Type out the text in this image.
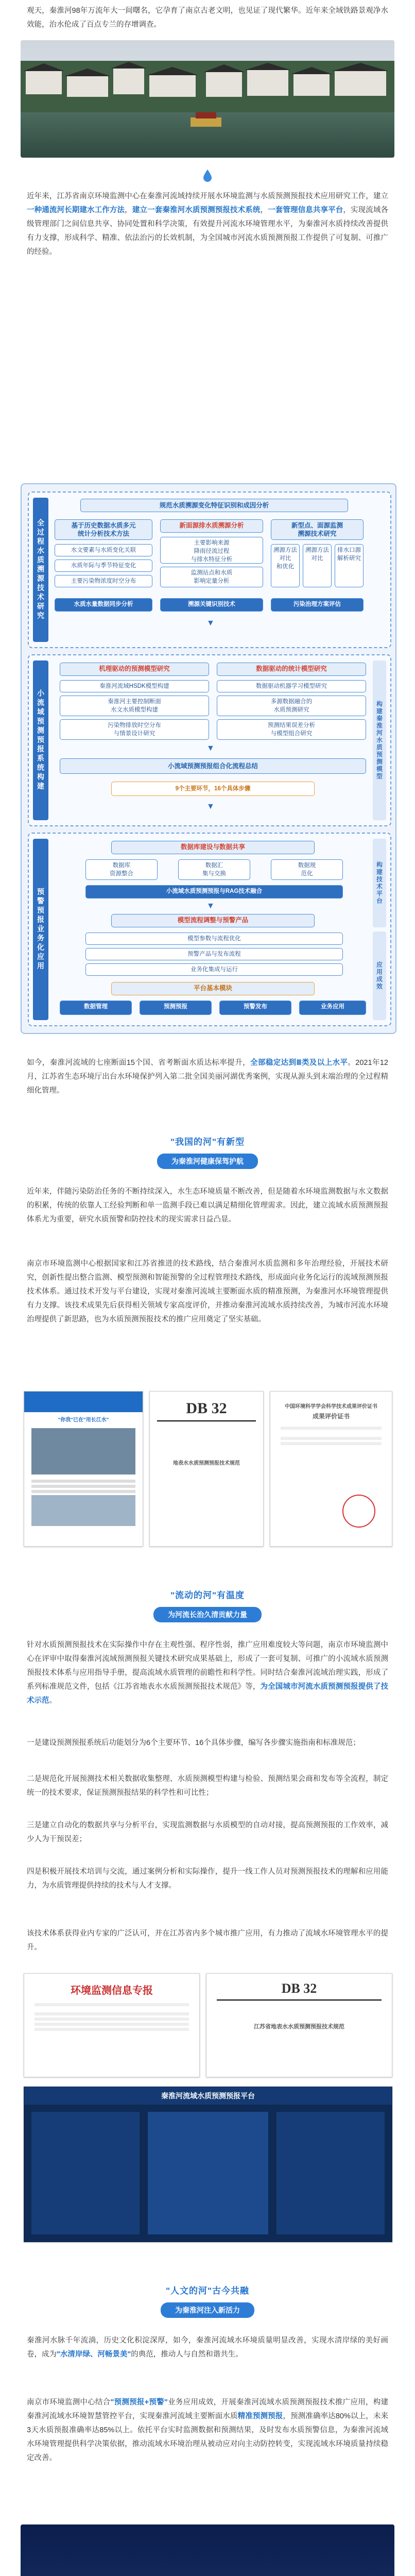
观天，秦淮河98年万流年大一间曙名，它孕育了南京古老文明，也见证了现代繁华。近年来全域铁路景观净水效能，治水伦成了百点专兰的存增调查。

近年来，江苏省南京环境监测中心在秦淮河流域持续开展水环境监测与水质预测预报技术应用研究工作，建立一种通流河长期建水工作方法，建立一套秦淮河水质预测预报技术系统，一套管理信息共享平台，实现流域各级管理部门之间信息共享、协同处置和科学决策，有效提升河流水环境管理水平，为秦淮河水质持续改善提供有力支撑，形成科学、精准、依法治污的长效机制，为全国城市河流水质预测预报工作提供了可复制、可推广的经验。

全过程水质溯源技术研究
规范水质溯源变化特征识别和成因分析
基于历史数据水质多元
统计分析技术方法
水文要素与水质变化关联
水质年际与季节特征变化
主要污染物浓度时空分布
新面源排水质溯源分析
主要影响来源
降雨径流过程
与排水特征分析
监测站点和水质
影响定量分析
新型点、面源监测
溯源技术研究
溯源方法对比
和优化
溯源方法
对比
排水口源
解析研究
水质水量数据同步分析	溯源关键识别技术	污染治理方案评估
▼
小流域预测预报系统构建	构建秦淮河水质预测模型
机理驱动的预测模型研究
秦淮河流域HSDK模型构建
秦淮河主要控制断面
水文水质模型构建
污染物排放时空分布
与情景设计研究
数据驱动的统计模型研究
数据驱动机器学习模型研究
多源数据融合的
水质预测研究
预测结果误差分析
与模型组合研究
▼
小流域预测预报组合化流程总结
9个主要环节，16个具体步骤
▼
预警预报业务化应用
构建技术平台
应用成效
数据库建设与数据共享
数据库
资源整合
数据汇
集与交换
数据规
范化
小流域水质预测预报与RAG技术融合
▼
模型流程调整与预警产品
模型参数与流程优化
预警产品与发布流程
业务化集成与运行
平台基本模块
数据管理	预测预报	预警发布	业务应用

如今，秦淮河流域的七座断面15个国、省考断面水质达标率提升，全部稳定达到Ⅲ类及以上水平。2021年12月，江苏省生态环境厅出台水环境保护列入第二批全国美丽河湖优秀案例，实现从源头到末端治理的全过程精细化管理。

"我国的河"有新型
为秦淮河健康保驾护航

近年来，伴随污染防治任务的不断持续深入，水生态环境质量不断改善，但是随着水环境监测数据与水文数据的积累，传统的依靠人工经验判断和单一监测手段已难以满足精细化管理需求。因此，建立流域水质预测预报体系尤为重要，研究水质预警和防控技术的现实需求日益凸显。

南京市环境监测中心根据国家和江苏省推进的技术路线，结合秦淮河水质监测和多年治理经验，开展技术研究，创新性提出整合监测、模型预测和智能预警的全过程管理技术路线，形成面向业务化运行的流域预测预报技术体系。通过技术开发与平台建设，实现对秦淮河流域主要断面水质的精准预测，为秦淮河水环境管理提供有力支撑。该技术成果先后获得相关领域专家高度评价，并推动秦淮河流域水质持续改善，为城市河流水环境治理提供了新思路，也为水质预测预报技术的推广应用奠定了坚实基础。

"你我"已在"用长江水"
DB 32
地表水水质预测预报技术规范
中国环境科学学会科学技术成果评价证书
成果评价证书
"流动的河"有温度
为河流长治久清贡献力量

针对水质预测预报技术在实际操作中存在主观性强、程序性弱，推广应用难度较大等问题，南京市环境监测中心在评审中取得秦淮河流域预测预报关键技术研究成果基础上，形成了一套可复制、可推广的小流域水质预测预报技术体系与应用指导手册，提高流域水质管理的前瞻性和科学性。同时结合秦淮河流域治理实践，形成了系列标准规范文件，包括《江苏省地表水水质预测预报技术规范》等，为全国城市河流水质预测预报提供了技术示范。

一是建设预测预报系统后功能划分为6个主要环节、16个具体步骤，编写各步骤实施指南和标准规范；

二是规范化开展预测技术相关数据收集整理、水质预测模型构建与检验、预测结果会商和发布等全流程，制定统一的技术要求，保证预测预报结果的科学性和可比性；

三是建立自动化的数据共享与分析平台，实现监测数据与水质模型的自动对接，提高预测预报的工作效率，减少人为干预误差；

四是积极开展技术培训与交流，通过案例分析和实际操作，提升一线工作人员对预测预报技术的理解和应用能力，为水质管理提供持续的技术与人才支撑。

该技术体系获得业内专家的广泛认可，并在江苏省内多个城市推广应用，有力推动了流域水环境管理水平的提升。

环境监测信息专报	DB 32
江苏省地表水水质预测预报技术规范
秦淮河流域水质预测预报平台
"人文的河"古今共融
为秦淮河注入新活力

秦淮河水脉千年流淌，历史文化积淀深厚，如今，秦淮河流域水环境质量明显改善，实现水清岸绿的美好画卷，成为"水清岸绿、河畅景美"的典范，推动人与自然和谐共生。

南京市环境监测中心结合"预测预报+预警"业务应用成效，开展秦淮河流域水质预测预报技术推广应用，构建秦淮河流域水环境智慧管控平台，实现秦淮河流域主要断面水质精准预测预报，预测准确率达80%以上，未来3天水质预报准确率达85%以上。依托平台实时监测数据和预测结果，及时发布水质预警信息，为秦淮河流域水环境管理提供科学决策依据，推动流域水环境治理从被动应对向主动防控转变，实现流域水环境质量持续稳定改善。
